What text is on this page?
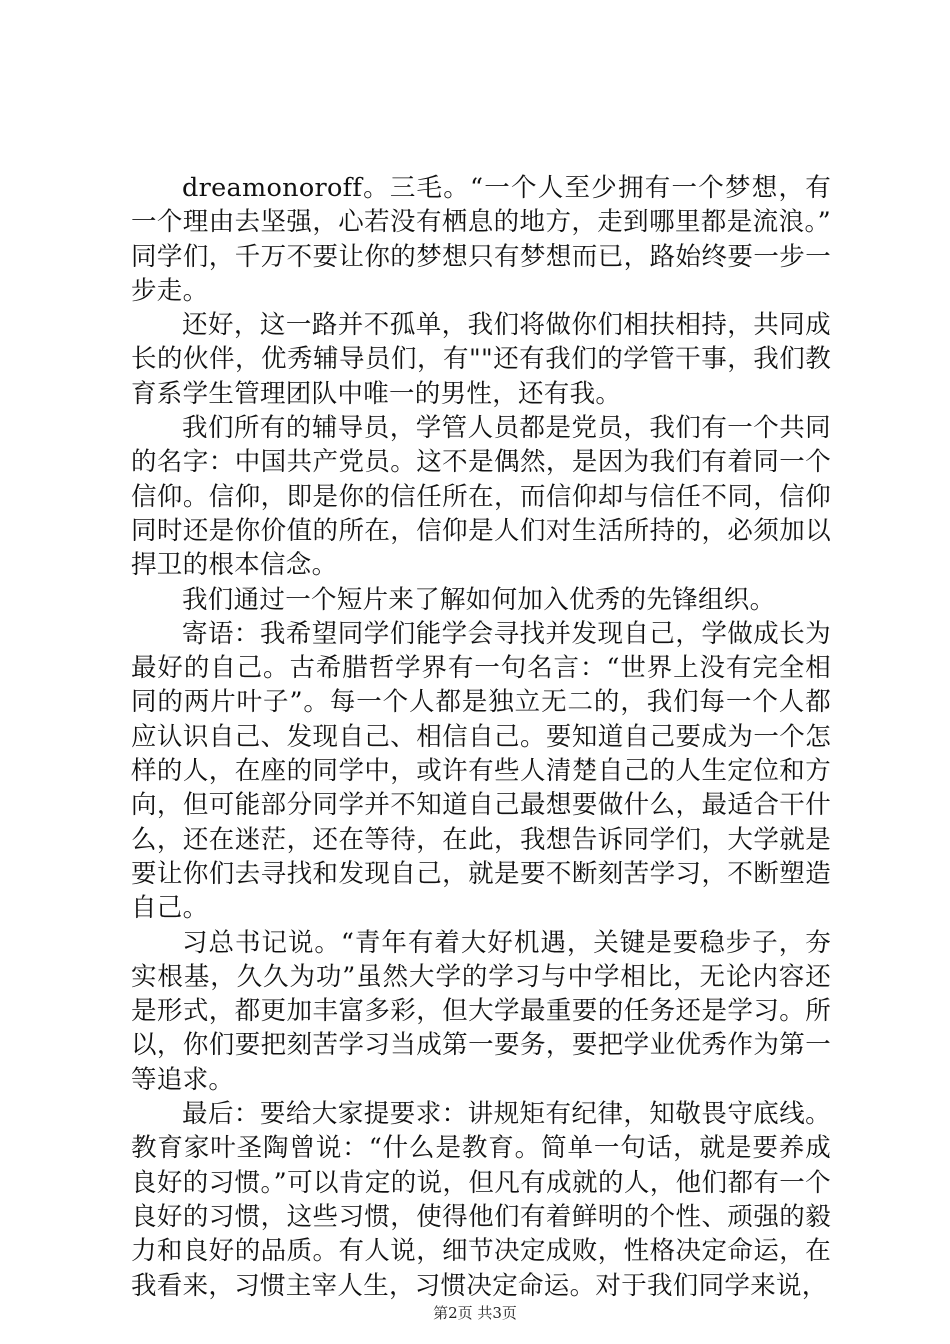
dreamonoroff。三毛。“一个人至少拥有一个梦想，有一个理由去坚强，心若没有栖息的地方，走到哪里都是流浪。”同学们，千万不要让你的梦想只有梦想而已，路始终要一步一步走。

还好，这一路并不孤单，我们将做你们相扶相持，共同成长的伙伴，优秀辅导员们，有""还有我们的学管干事，我们教育系学生管理团队中唯一的男性，还有我。

我们所有的辅导员，学管人员都是党员，我们有一个共同的名字：中国共产党员。这不是偶然，是因为我们有着同一个信仰。信仰，即是你的信任所在，而信仰却与信任不同，信仰同时还是你价值的所在，信仰是人们对生活所持的，必须加以捍卫的根本信念。

我们通过一个短片来了解如何加入优秀的先锋组织。

寄语：我希望同学们能学会寻找并发现自己，学做成长为最好的自己。古希腊哲学界有一句名言：“世界上没有完全相同的两片叶子”。每一个人都是独立无二的，我们每一个人都应认识自己、发现自己、相信自己。要知道自己要成为一个怎样的人，在座的同学中，或许有些人清楚自己的人生定位和方向，但可能部分同学并不知道自己最想要做什么，最适合干什么，还在迷茫，还在等待，在此，我想告诉同学们，大学就是要让你们去寻找和发现自己，就是要不断刻苦学习，不断塑造自己。

习总书记说。“青年有着大好机遇，关键是要稳步子，夯实根基，久久为功”虽然大学的学习与中学相比，无论内容还是形式，都更加丰富多彩，但大学最重要的任务还是学习。所以，你们要把刻苦学习当成第一要务，要把学业优秀作为第一等追求。

最后：要给大家提要求：讲规矩有纪律，知敬畏守底线。教育家叶圣陶曾说：“什么是教育。简单一句话，就是要养成良好的习惯。”可以肯定的说，但凡有成就的人，他们都有一个良好的习惯，这些习惯，使得他们有着鲜明的个性、顽强的毅力和良好的品质。有人说，细节决定成败，性格决定命运，在我看来，习惯主宰人生，习惯决定命运。对于我们同学来说，

第2页 共3页
